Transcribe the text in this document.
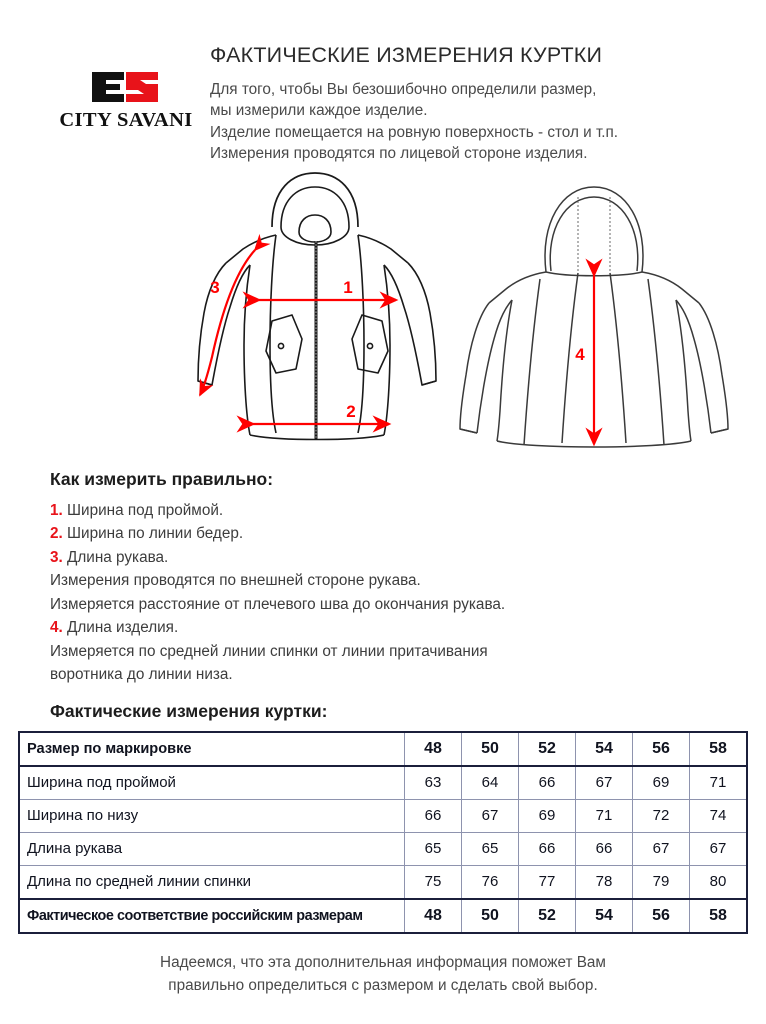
CITY SAVANI
ФАКТИЧЕСКИЕ ИЗМЕРЕНИЯ КУРТКИ
Для того, чтобы Вы безошибочно определили размер,
мы измерили каждое изделие.
Изделие помещается на ровную поверхность - стол и т.п.
Измерения проводятся по лицевой стороне изделия.
1
2
3
4
Как измерить правильно:
1. Ширина под проймой.
2. Ширина по линии бедер.
3. Длина рукава.
Измерения проводятся по внешней стороне рукава.
Измеряется расстояние от плечевого шва до окончания рукава.
4. Длина изделия.
Измеряется по средней линии спинки от линии притачивания
воротника до линии низа.
Фактические измерения куртки:
Размер по маркировке	48	50	52	54	56	58
Ширина под проймой	63	64	66	67	69	71
Ширина по низу	66	67	69	71	72	74
Длина рукава	65	65	66	66	67	67
Длина по средней линии спинки	75	76	77	78	79	80
Фактическое соответствие российским размерам	48	50	52	54	56	58
Надеемся, что эта дополнительная информация поможет Вам
правильно определиться с размером и сделать свой выбор.
